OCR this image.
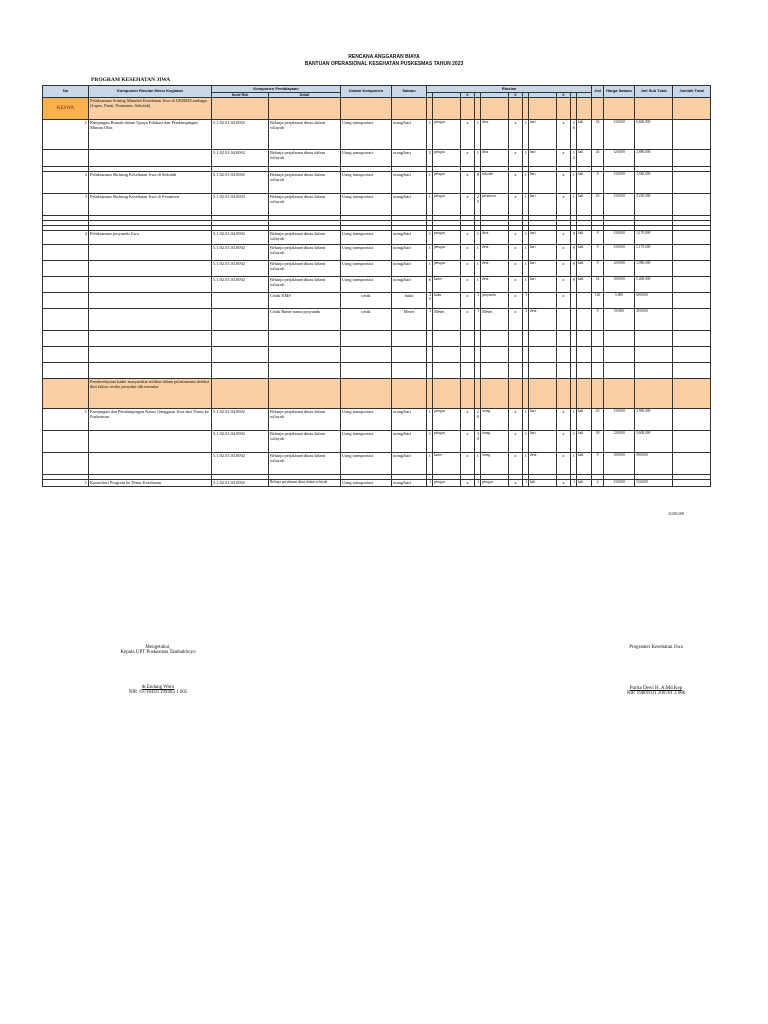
RENCANA ANGGARAN BIAYA
BANTUAN OPERASIONAL KESEHATAN PUSKESMAS TAHUN 2023
PROGRAM KESEHATAN JIWA
No	Komponen Rincian Menu Kegiatan	Komponen Pembiayaan		Uraian Komponen	Satuan	Rincian											Jml	Harga Satuan	Jml Sub Total	Jumlah Total
		Kode Rek	Detail					X			X			X						
KESWA	Pelaksanaan Srining Masalah Kesehatan Jiwa di UKBM/Lembaga (Lapas, Panti, Pesantren, Sekolah)																			
1	Kunjungan Rumah dalam Upaya Edukasi dan Pendampingan Minum Obat	5.1.02.01.04.0002	Belanja perjalanan dinas dalam wilayah	Uang transportasi	orang/hari	1	petugas	x	1	desa	x	1	hari	x	26	kali	26	130,000	6,600,000	
		5.1.02.01.04.0002	Belanja perjalanan dinas dalam wilayah	Uang transportasi	orang/hari	2	petugas	x	1	desa	x	1	hari	x	12	kali	24	120,000	2,880,000	

2	Pelaksanaan Skrining Kesehatan Jiwa di Sekolah	5.1.02.01.04.0002	Belanja perjalanan dinas dalam wilayah	Uang transportasi	orang/hari	1	petugas	x	8	sekolah	x	1	hari	x	1	kali	8	130,000	1,040,000	
3	Pelaksanaan Skrining Kesehatan Jiwa di Pesantren	5.1.02.01.04.0003	Belanja perjalanan dinas dalam wilayah	Uang transportasi	orang/hari	1	petugas	x	25	pesantren	x	1	hari	x	1	kali	25	130,000	3,250,000	

4	Pelaksanaan posyandu Jiwa	5.1.02.01.04.0002	Belanja perjalanan dinas dalam wilayah	Uang transportasi	orang/hari	1	petugas	x	1	desa	x	1	hari	x	9	kali	9	130,000	1,170,000	
		5.1.02.01.04.0002	Belanja perjalanan dinas dalam wilayah	Uang transportasi	orang/hari	1	petugas	x	1	desa	x	1	hari	x	9	kali	9	130,000	1,170,000	
		5.1.02.01.04.0002	Belanja perjalanan dinas dalam wilayah	Uang transportasi	orang/hari	1	petugas	x	1	desa	x	1	hari	x	9	kali	9	120,000	1,080,000	
		5.1.02.01.04.0002	Belanja perjalanan dinas dalam wilayah	Uang transportasi	orang/hari	6	kader	x	1	desa	x	1	hari	x	9	kali	54	100,000	5,400,000	
			Cetak KMS	cetak	buku	40	buku	x	3	posyandu	x	1		x			120	5,000	600,000	
			Cetak Baner nama posyandu	cetak	Meter	3	Meter	x	1	Meter	x	3	desa				9	50,000	450,000	

	Pemberdayaan kader masyarakat terlibat dalam pelaksanaan deteksi dini faktor resiko penyakit tdk menular																			
1	Kunjungan dan Pendampingan Kasus Gangguan Jiwa dari Dinas ke Puskesmas	5.1.02.01.04.0002	Belanja perjalanan dinas dalam wilayah	Uang transportasi	orang/hari	1	petugas	x	20	orang	x	1	hari	x	1	kali	20	130,000	3,900,000	
		5.1.02.01.04.0002	Belanja perjalanan dinas dalam wilayah	Uang transportasi	orang/hari	1	petugas	x	30	orang	x	1	hari	x	1	kali	30	120,000	3,600,000	
		5.1.02.01.04.0002	Belanja perjalanan dinas dalam wilayah	Uang transportasi	orang/hari	1	kader	x	1	orang	x	1	desa	x	1	kali	9	100,000	900,000	

1	Konsultasi Program ke Dinas Kesehatan	5.1.02.01.04.0002	Belanja perjalanan dinas dalam wilayah	Uang transportasi	orang/hari	1	petugas	x	1	petugas	x	1	kali	x	1	kali	4	130,000	520,000	
32,000,000
Mengetahui,
Kepala UPT Puskesmas Tambakboyo
dr.Endang Woro
NIP. 19710410 199403 1 005
Programer Kesehatan Jiwa
Purita Dewi H. A.Md.Kep
NIP. 19801031 200701 2 006
